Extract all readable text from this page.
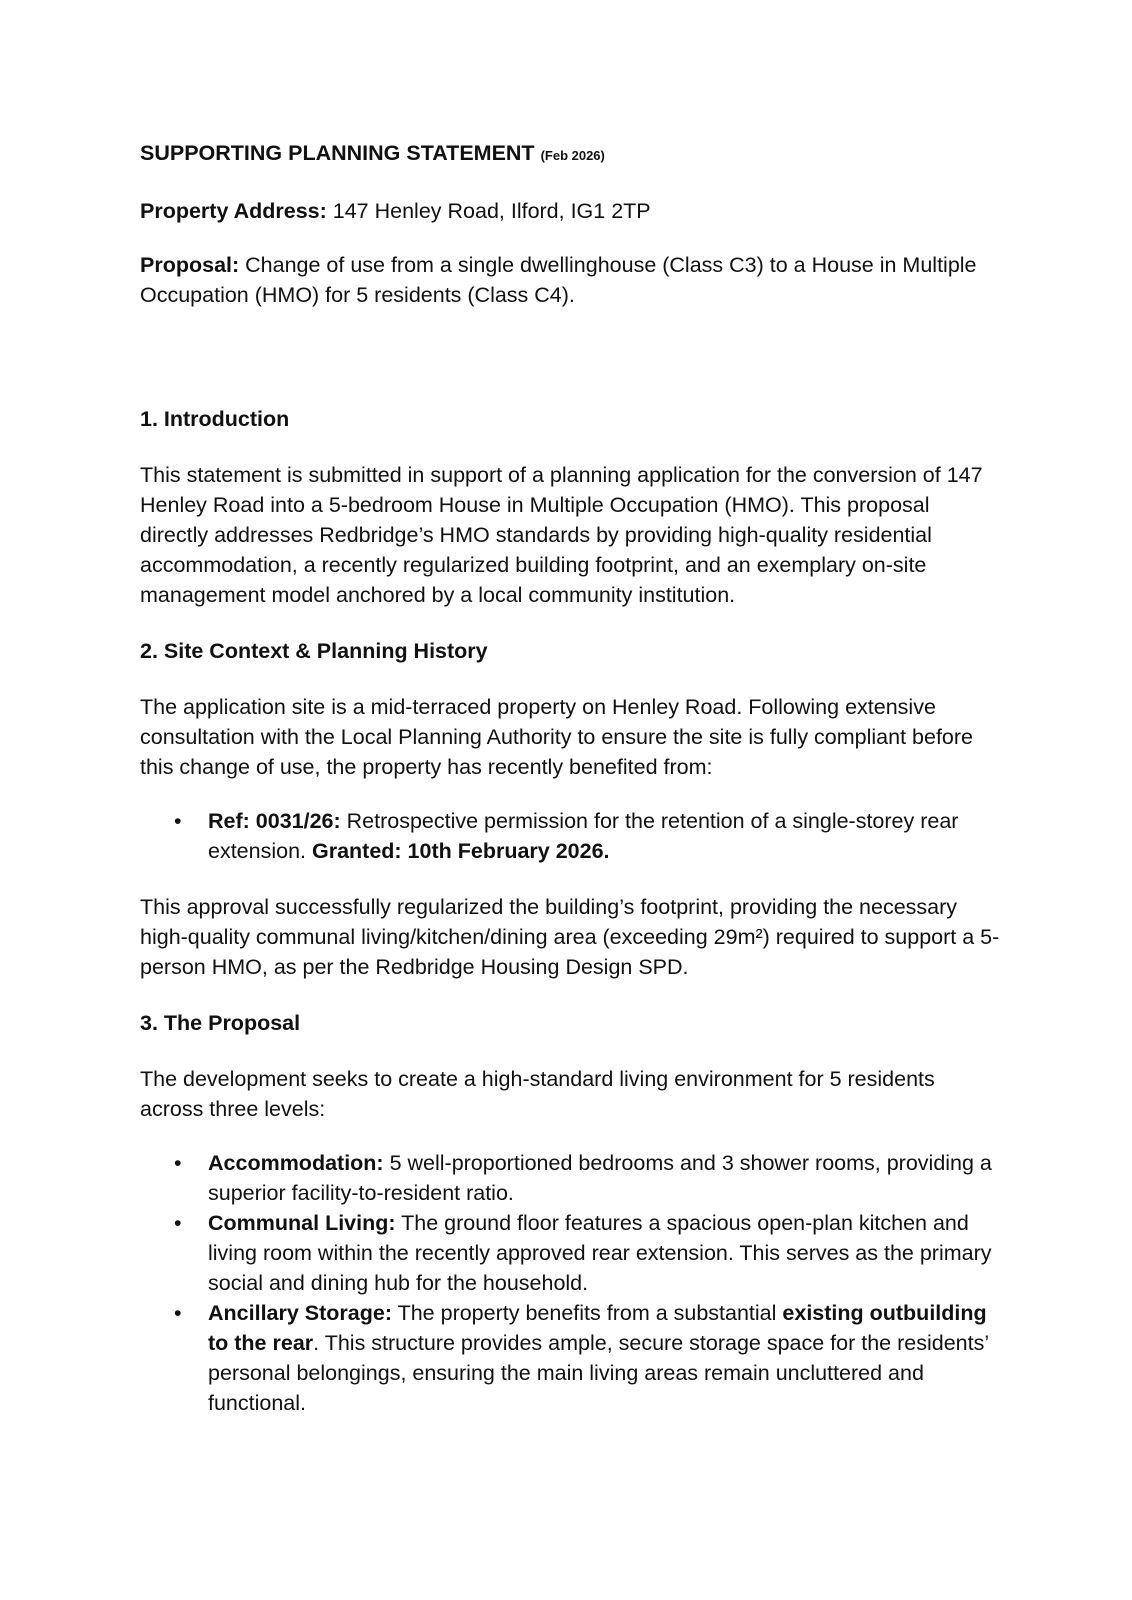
SUPPORTING PLANNING STATEMENT (Feb 2026)

Property Address: 147 Henley Road, Ilford, IG1 2TP

Proposal: Change of use from a single dwellinghouse (Class C3) to a House in Multiple Occupation (HMO) for 5 residents (Class C4).

1. Introduction

This statement is submitted in support of a planning application for the conversion of 147 Henley Road into a 5-bedroom House in Multiple Occupation (HMO). This proposal directly addresses Redbridge’s HMO standards by providing high-quality residential accommodation, a recently regularized building footprint, and an exemplary on-site management model anchored by a local community institution.

2. Site Context & Planning History

The application site is a mid-terraced property on Henley Road. Following extensive consultation with the Local Planning Authority to ensure the site is fully compliant before this change of use, the property has recently benefited from:

• Ref: 0031/26: Retrospective permission for the retention of a single-storey rear extension. Granted: 10th February 2026.

This approval successfully regularized the building’s footprint, providing the necessary high-quality communal living/kitchen/dining area (exceeding 29m²) required to support a 5-person HMO, as per the Redbridge Housing Design SPD.

3. The Proposal

The development seeks to create a high-standard living environment for 5 residents across three levels:

• Accommodation: 5 well-proportioned bedrooms and 3 shower rooms, providing a superior facility-to-resident ratio.
• Communal Living: The ground floor features a spacious open-plan kitchen and living room within the recently approved rear extension. This serves as the primary social and dining hub for the household.
• Ancillary Storage: The property benefits from a substantial existing outbuilding to the rear. This structure provides ample, secure storage space for the residents’ personal belongings, ensuring the main living areas remain uncluttered and functional.
